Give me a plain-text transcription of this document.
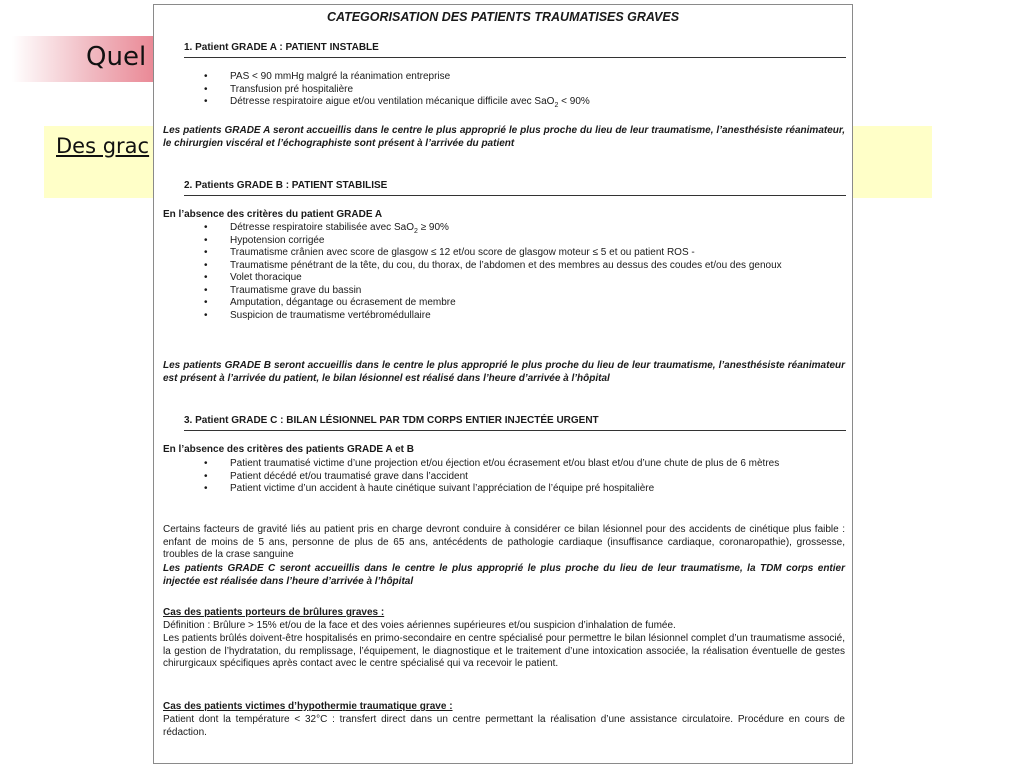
Quel
Des grac
CATEGORISATION DES PATIENTS TRAUMATISES GRAVES
1. Patient GRADE A : PATIENT INSTABLE
• PAS < 90 mmHg malgré la réanimation entreprise
• Transfusion pré hospitalière
• Détresse respiratoire aigue et/ou ventilation mécanique difficile avec SaO$_2$ < 90%

Les patients GRADE A seront accueillis dans le centre le plus approprié le plus proche du lieu de leur traumatisme, l’anesthésiste réanimateur, le chirurgien viscéral et l’échographiste sont présent à l’arrivée du patient

2. Patients GRADE B : PATIENT STABILISE

En l’absence des critères du patient GRADE A

• Détresse respiratoire stabilisée avec SaO$_2$ ≥ 90%
• Hypotension corrigée
• Traumatisme crânien avec score de glasgow ≤ 12 et/ou score de glasgow moteur ≤ 5 et ou patient ROS -
• Traumatisme pénétrant de la tête, du cou, du thorax, de l’abdomen et des membres au dessus des coudes et/ou des genoux
• Volet thoracique
• Traumatisme grave du bassin
• Amputation, dégantage ou écrasement de membre
• Suspicion de traumatisme vertébromédullaire

Les patients GRADE B seront accueillis dans le centre le plus approprié le plus proche du lieu de leur traumatisme, l’anesthésiste réanimateur est présent à l’arrivée du patient, le bilan lésionnel est réalisé dans l’heure d’arrivée à l’hôpital

3. Patient GRADE C : BILAN LÉSIONNEL PAR TDM CORPS ENTIER INJECTÉE URGENT

En l’absence des critères des patients GRADE A et B

• Patient traumatisé victime d’une projection et/ou éjection et/ou écrasement et/ou blast et/ou d’une chute de plus de 6 mètres
• Patient décédé et/ou traumatisé grave dans l’accident
• Patient victime d’un accident à haute cinétique suivant l’appréciation de l’équipe pré hospitalière

Certains facteurs de gravité liés au patient pris en charge devront conduire à considérer ce bilan lésionnel pour des accidents de cinétique plus faible : enfant de moins de 5 ans, personne de plus de 65 ans, antécédents de pathologie cardiaque (insuffisance cardiaque, coronaropathie), grossesse, troubles de la crase sanguine

Les patients GRADE C seront accueillis dans le centre le plus approprié le plus proche du lieu de leur traumatisme, la TDM corps entier injectée est réalisée dans l’heure d’arrivée à l’hôpital

Cas des patients porteurs de brûlures graves :

Définition : Brûlure > 15% et/ou de la face et des voies aériennes supérieures et/ou suspicion d’inhalation de fumée.

Les patients brûlés doivent-être hospitalisés en primo-secondaire en centre spécialisé pour permettre le bilan lésionnel complet d’un traumatisme associé, la gestion de l’hydratation, du remplissage, l’équipement, le diagnostique et le traitement d’une intoxication associée, la réalisation éventuelle de gestes chirurgicaux spécifiques après contact avec le centre spécialisé qui va recevoir le patient.

Cas des patients victimes d’hypothermie traumatique grave :

Patient dont la température < 32°C : transfert direct dans un centre permettant la réalisation d’une assistance circulatoire. Procédure en cours de rédaction.
